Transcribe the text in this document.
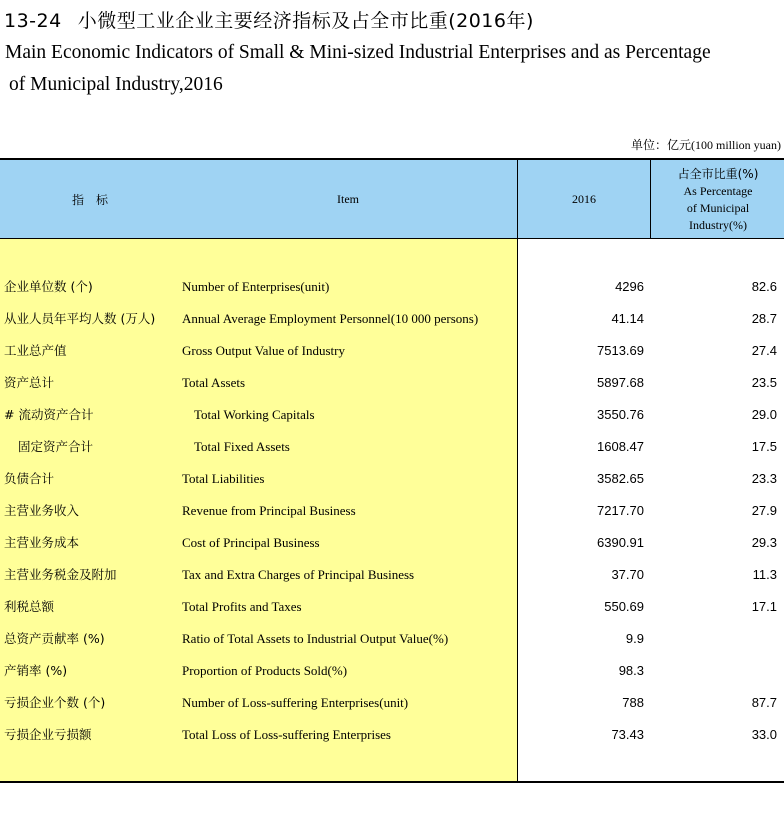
13-24 小微型工业企业主要经济指标及占全市比重(2016年)
Main Economic Indicators of Small & Mini-sized Industrial Enterprises and as Percentage
of Municipal Industry,2016
单位：亿元(100 million yuan)
指　标	Item	2016
占全市比重(%)
As Percentage
of Municipal
Industry(%)
企业单位数 (个)	Number of Enterprises(unit)	4296	82.6
从业人员年平均人数 (万人) Annual Average Employment Personnel(10 000 persons)	41.14	28.7
工业总产值	Gross Output Value of Industry	7513.69	27.4
资产总计	Total Assets	5897.68	23.5
# 流动资产合计	Total Working Capitals	3550.76	29.0
固定资产合计	Total Fixed Assets	1608.47	17.5
负债合计	Total Liabilities	3582.65	23.3
主营业务收入	Revenue from Principal Business	7217.70	27.9
主营业务成本	Cost of Principal Business	6390.91	29.3
主营业务税金及附加	Tax and Extra Charges of Principal Business	37.70	11.3
利税总额	Total Profits and Taxes	550.69	17.1
总资产贡献率 (%)	Ratio of Total Assets to Industrial Output Value(%)	9.9
产销率 (%)	Proportion of Products Sold(%)	98.3
亏损企业个数 (个)	Number of Loss-suffering Enterprises(unit)	788	87.7
亏损企业亏损额	Total Loss of Loss-suffering Enterprises	73.43	33.0
